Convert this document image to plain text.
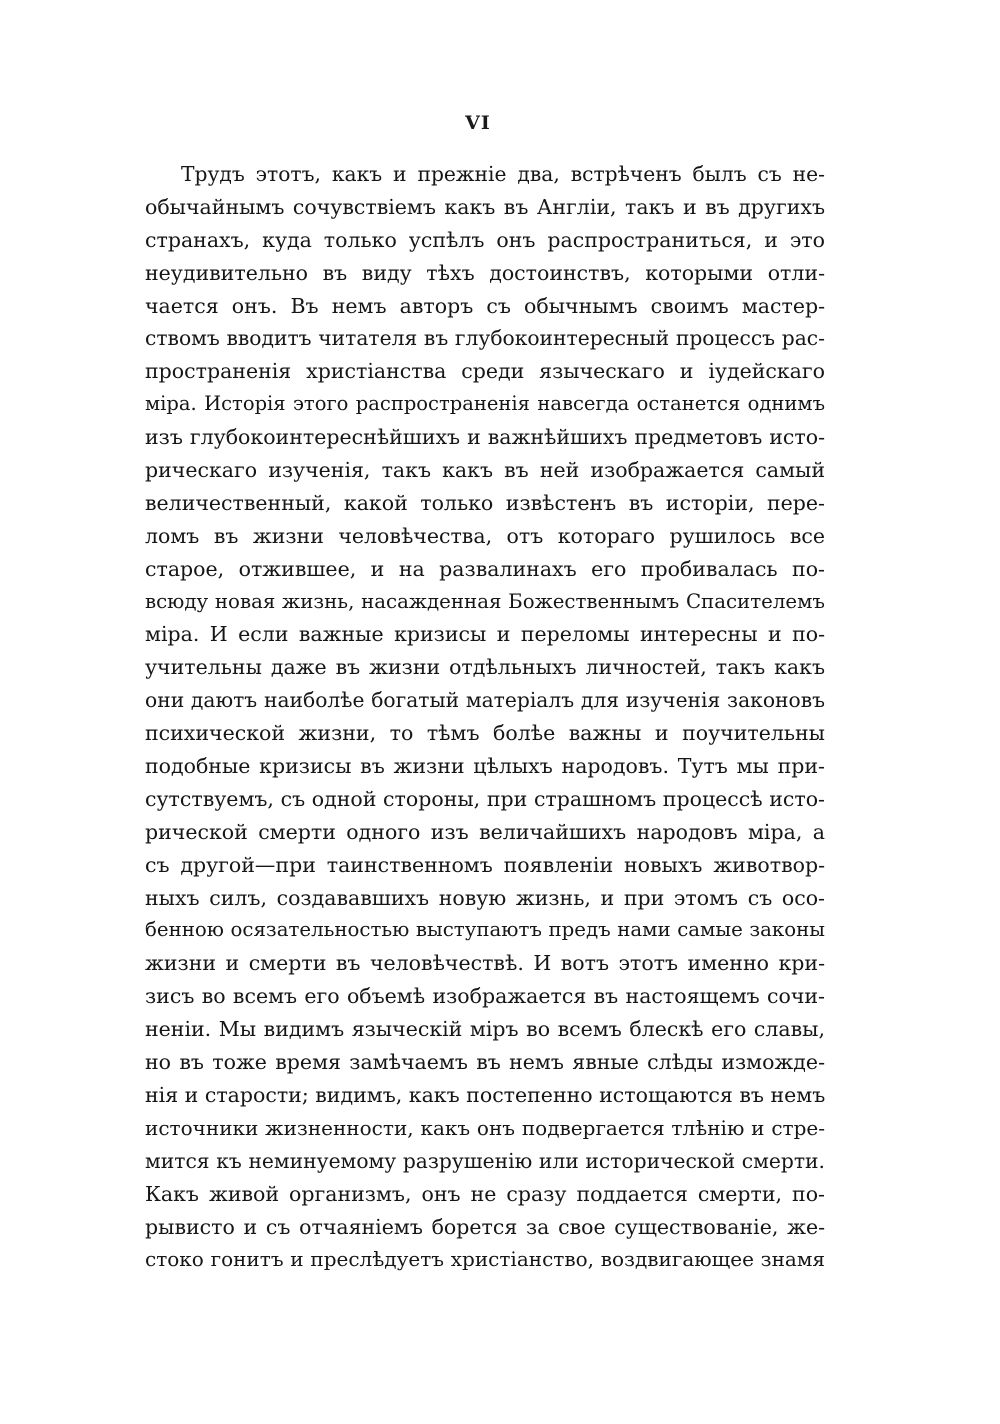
VI
Трудъ этотъ, какъ и прежніе два, встрѣченъ былъ съ не-
обычайнымъ сочувствіемъ какъ въ Англіи, такъ и въ другихъ
странахъ, куда только успѣлъ онъ распространиться, и это
неудивительно въ виду тѣхъ достоинствъ, которыми отли-
чается онъ. Въ немъ авторъ съ обычнымъ своимъ мастер-
ствомъ вводитъ читателя въ глубокоинтересный процессъ рас-
пространенія христіанства среди языческаго и іудейскаго
міра. Исторія этого распространенія навсегда останется однимъ
изъ глубокоинтереснѣйшихъ и важнѣйшихъ предметовъ исто-
рическаго изученія, такъ какъ въ ней изображается самый
величественный, какой только извѣстенъ въ исторіи, пере-
ломъ въ жизни человѣчества, отъ котораго рушилось все
старое, отжившее, и на развалинахъ его пробивалась по-
всюду новая жизнь, насажденная Божественнымъ Спасителемъ
міра. И если важные кризисы и переломы интересны и по-
учительны даже въ жизни отдѣльныхъ личностей, такъ какъ
они даютъ наиболѣе богатый матеріалъ для изученія законовъ
психической жизни, то тѣмъ болѣе важны и поучительны
подобные кризисы въ жизни цѣлыхъ народовъ. Тутъ мы при-
сутствуемъ, съ одной стороны, при страшномъ процессѣ исто-
рической смерти одного изъ величайшихъ народовъ міра, а
съ другой—при таинственномъ появленіи новыхъ животвор-
ныхъ силъ, создававшихъ новую жизнь, и при этомъ съ осо-
бенною осязательностью выступаютъ предъ нами самые законы
жизни и смерти въ человѣчествѣ. И вотъ этотъ именно кри-
зисъ во всемъ его объемѣ изображается въ настоящемъ сочи-
неніи. Мы видимъ языческій міръ во всемъ блескѣ его славы,
но въ тоже время замѣчаемъ въ немъ явные слѣды изможде-
нія и старости; видимъ, какъ постепенно истощаются въ немъ
источники жизненности, какъ онъ подвергается тлѣнію и стре-
мится къ неминуемому разрушенію или исторической смерти.
Какъ живой организмъ, онъ не сразу поддается смерти, по-
рывисто и съ отчаяніемъ борется за свое существованіе, же-
стоко гонитъ и преслѣдуетъ христіанство, воздвигающее знамя
